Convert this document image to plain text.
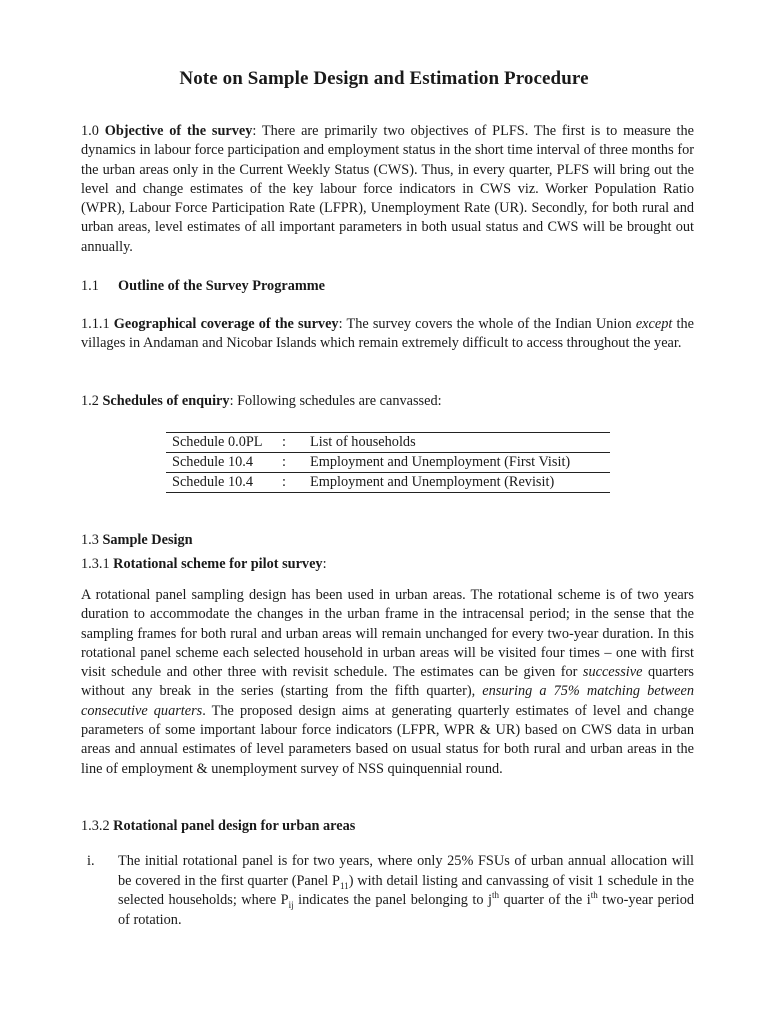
Note on Sample Design and Estimation Procedure

1.0 Objective of the survey: There are primarily two objectives of PLFS. The first is to measure the dynamics in labour force participation and employment status in the short time interval of three months for the urban areas only in the Current Weekly Status (CWS). Thus, in every quarter, PLFS will bring out the level and change estimates of the key labour force indicators in CWS viz. Worker Population Ratio (WPR), Labour Force Participation Rate (LFPR), Unemployment Rate (UR). Secondly, for both rural and urban areas, level estimates of all important parameters in both usual status and CWS will be brought out annually.

1.1 Outline of the Survey Programme

1.1.1 Geographical coverage of the survey: The survey covers the whole of the Indian Union except the villages in Andaman and Nicobar Islands which remain extremely difficult to access throughout the year.

1.2 Schedules of enquiry: Following schedules are canvassed:

Schedule 0.0PL	:	List of households
Schedule 10.4	:	Employment and Unemployment (First Visit)
Schedule 10.4	:	Employment and Unemployment (Revisit)

1.3 Sample Design

1.3.1 Rotational scheme for pilot survey:

A rotational panel sampling design has been used in urban areas. The rotational scheme is of two years duration to accommodate the changes in the urban frame in the intracensal period; in the sense that the sampling frames for both rural and urban areas will remain unchanged for every two-year duration. In this rotational panel scheme each selected household in urban areas will be visited four times – one with first visit schedule and other three with revisit schedule. The estimates can be given for successive quarters without any break in the series (starting from the fifth quarter), ensuring a 75% matching between consecutive quarters. The proposed design aims at generating quarterly estimates of level and change parameters of some important labour force indicators (LFPR, WPR & UR) based on CWS data in urban areas and annual estimates of level parameters based on usual status for both rural and urban areas in the line of employment & unemployment survey of NSS quinquennial round.

1.3.2 Rotational panel design for urban areas

i. The initial rotational panel is for two years, where only 25% FSUs of urban annual allocation will be covered in the first quarter (Panel $P_{11}$) with detail listing and canvassing of visit 1 schedule in the selected households; where $P_{ij}$ indicates the panel belonging to $j^{th}$ quarter of the $i^{th}$ two-year period of rotation.
